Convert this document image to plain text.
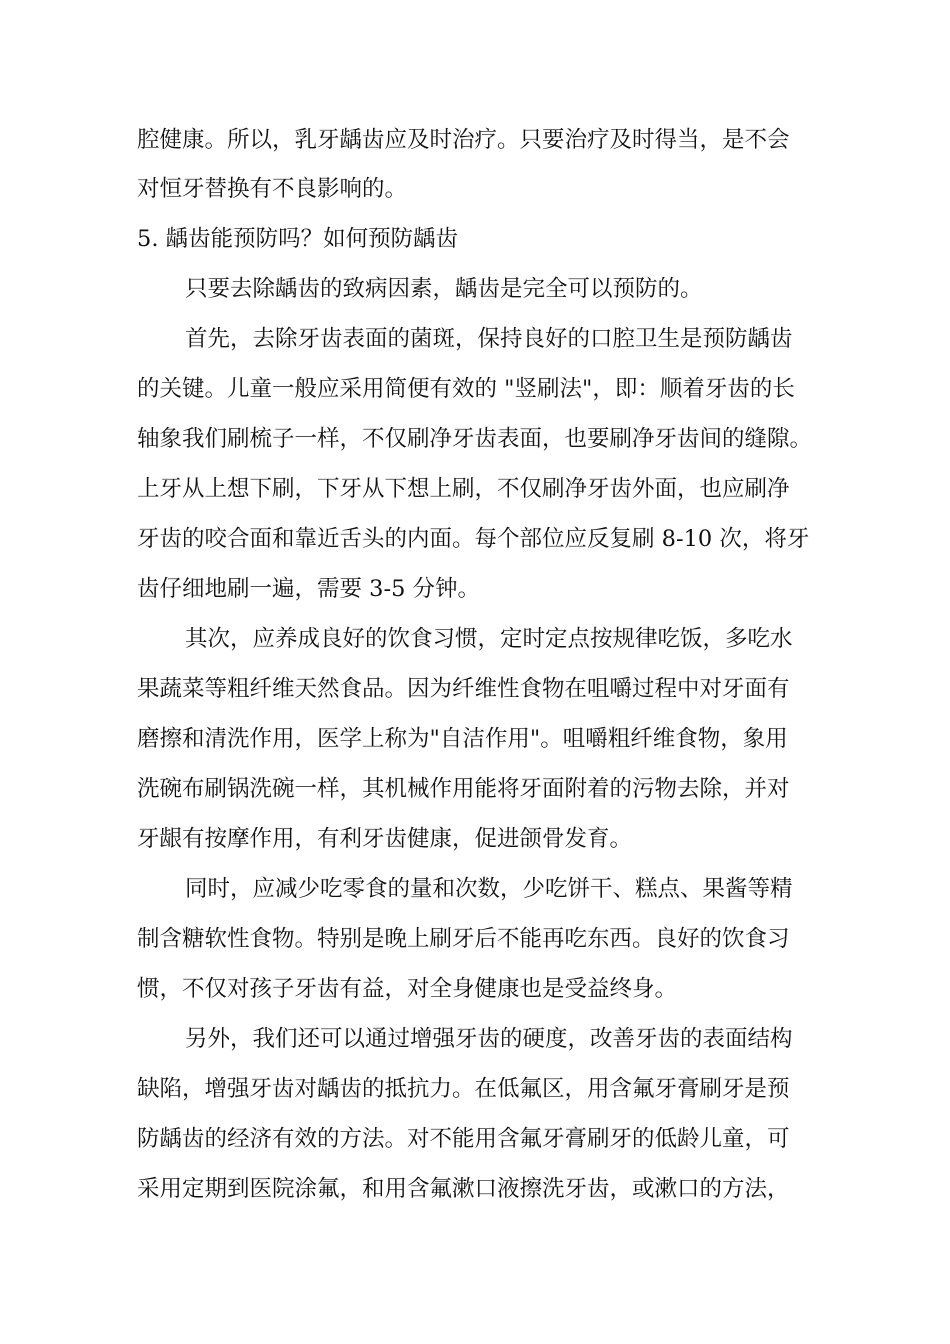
腔健康。所以，乳牙龋齿应及时治疗。只要治疗及时得当，是不会
对恒牙替换有不良影响的。
5. 龋齿能预防吗？如何预防龋齿
只要去除龋齿的致病因素，龋齿是完全可以预防的。
首先，去除牙齿表面的菌斑，保持良好的口腔卫生是预防龋齿
的关键。儿童一般应采用简便有效的 "竖刷法"，即：顺着牙齿的长
轴象我们刷梳子一样，不仅刷净牙齿表面，也要刷净牙齿间的缝隙。
上牙从上想下刷，下牙从下想上刷，不仅刷净牙齿外面，也应刷净
牙齿的咬合面和靠近舌头的内面。每个部位应反复刷 8-10 次，将牙
齿仔细地刷一遍，需要 3-5 分钟。
其次，应养成良好的饮食习惯，定时定点按规律吃饭，多吃水
果蔬菜等粗纤维天然食品。因为纤维性食物在咀嚼过程中对牙面有
磨擦和清洗作用，医学上称为"自洁作用"。咀嚼粗纤维食物，象用
洗碗布刷锅洗碗一样，其机械作用能将牙面附着的污物去除，并对
牙龈有按摩作用，有利牙齿健康，促进颌骨发育。
同时，应减少吃零食的量和次数，少吃饼干、糕点、果酱等精
制含糖软性食物。特别是晚上刷牙后不能再吃东西。良好的饮食习
惯，不仅对孩子牙齿有益，对全身健康也是受益终身。
另外，我们还可以通过增强牙齿的硬度，改善牙齿的表面结构
缺陷，增强牙齿对龋齿的抵抗力。在低氟区，用含氟牙膏刷牙是预
防龋齿的经济有效的方法。对不能用含氟牙膏刷牙的低龄儿童，可
采用定期到医院涂氟，和用含氟漱口液擦洗牙齿，或漱口的方法，
